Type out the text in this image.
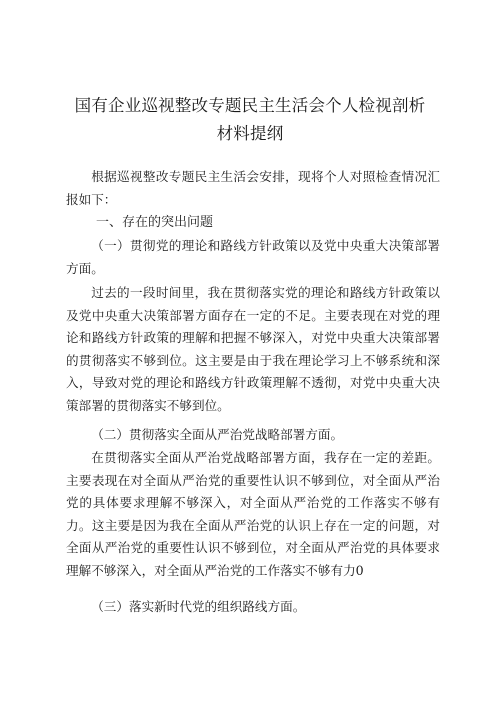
国有企业巡视整改专题民主生活会个人检视剖析材料提纲

根据巡视整改专题民主生活会安排，现将个人对照检查情况汇报如下：

一、存在的突出问题

（一）贯彻党的理论和路线方针政策以及党中央重大决策部署方面。

过去的一段时间里，我在贯彻落实党的理论和路线方针政策以及党中央重大决策部署方面存在一定的不足。主要表现在对党的理论和路线方针政策的理解和把握不够深入，对党中央重大决策部署的贯彻落实不够到位。这主要是由于我在理论学习上不够系统和深入，导致对党的理论和路线方针政策理解不透彻，对党中央重大决策部署的贯彻落实不够到位。

（二）贯彻落实全面从严治党战略部署方面。

在贯彻落实全面从严治党战略部署方面，我存在一定的差距。主要表现在对全面从严治党的重要性认识不够到位，对全面从严治党的具体要求理解不够深入，对全面从严治党的工作落实不够有力。这主要是因为我在全面从严治党的认识上存在一定的问题，对全面从严治党的重要性认识不够到位，对全面从严治党的具体要求理解不够深入，对全面从严治党的工作落实不够有力0

（三）落实新时代党的组织路线方面。
